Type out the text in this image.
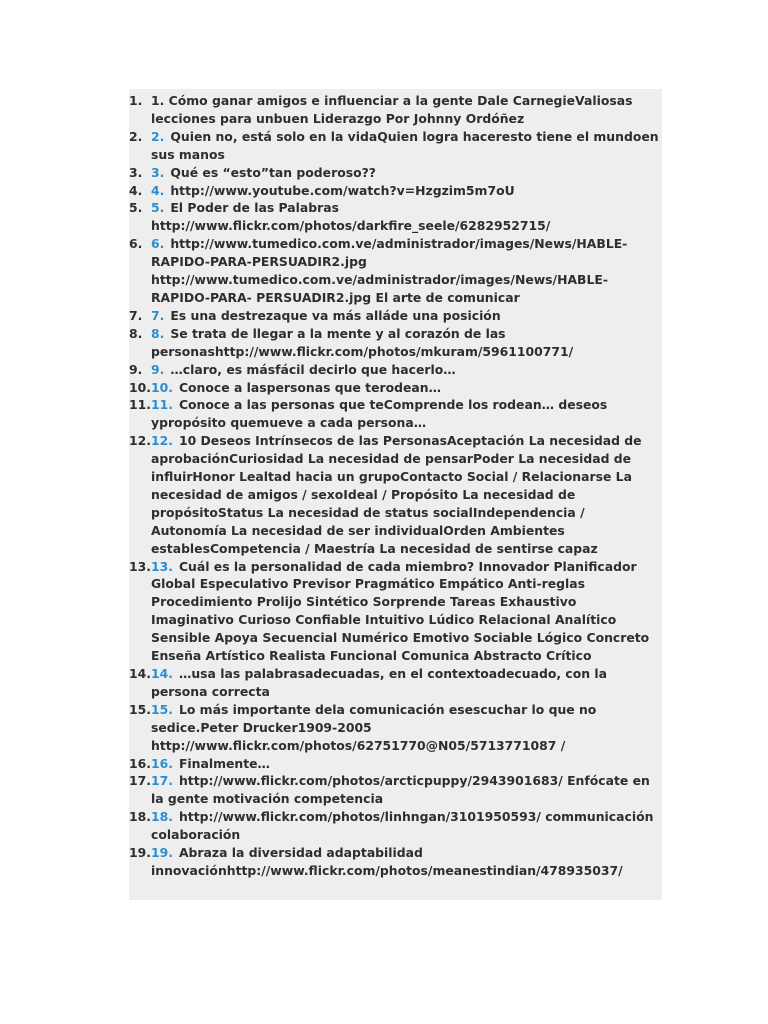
1. 1. Cómo ganar amigos e influenciar a la gente Dale CarnegieValiosas lecciones para unbuen Liderazgo Por Johnny Ordóñez
2. 2. Quien no, está solo en la vidaQuien logra haceresto tiene el mundoen sus manos
3. 3. Qué es “esto”tan poderoso??
4. 4. http://www.youtube.com/watch?v=Hzgzim5m7oU
5. 5. El Poder de las Palabras http://www.flickr.com/photos/darkfire_seele/6282952715/
6. 6. http://www.tumedico.com.ve/administrador/images/News/HABLE-RAPIDO-PARA-PERSUADIR2.jpg http://www.tumedico.com.ve/administrador/images/News/HABLE-RAPIDO-PARA- PERSUADIR2.jpg El arte de comunicar
7. 7. Es una destrezaque va más alládе una posición
8. 8. Se trata de llegar a la mente y al corazón de las personashttp://www.flickr.com/photos/mkuram/5961100771/
9. 9. …claro, es másfácil decirlo que hacerlo…
10. 10. Conoce a laspersonas que terodean…
11. 11. Conoce a las personas que teComprende los rodean… deseos ypropósito quemueve a cada persona…
12. 12. 10 Deseos Intrínsecos de las PersonasAceptación La necesidad de aprobaciónCuriosidad La necesidad de pensarPoder La necesidad de influirHonor Lealtad hacia un grupoContacto Social / Relacionarse La necesidad de amigos / sexoIdeal / Propósito La necesidad de propósitoStatus La necesidad de status socialIndependencia / Autonomía La necesidad de ser individualOrden Ambientes establesCompetencia / Maestría La necesidad de sentirse capaz
13. 13. Cuál es la personalidad de cada miembro? Innovador Planificador Global Especulativo Previsor Pragmático Empático Anti-reglas Procedimiento Prolijo Sintético Sorprende Tareas Exhaustivo Imaginativo Curioso Confiable Intuitivo Lúdico Relacional Analítico Sensible Apoya Secuencial Numérico Emotivo Sociable Lógico Concreto Enseña Artístico Realista Funcional Comunica Abstracto Crítico
14. 14. …usa las palabrasadecuadas, en el contextoadecuado, con la persona correcta
15. 15. Lo más importante dela comunicación esescuchar lo que no sedice.Peter Drucker1909-2005 http://www.flickr.com/photos/62751770@N05/5713771087 /
16. 16. Finalmente…
17. 17. http://www.flickr.com/photos/arcticpuppy/2943901683/ Enfócate en la gente motivación competencia
18. 18. http://www.flickr.com/photos/linhngan/3101950593/ communicación colaboración
19. 19. Abraza la diversidad adaptabilidad innovaciónhttp://www.flickr.com/photos/meanestindian/478935037/
